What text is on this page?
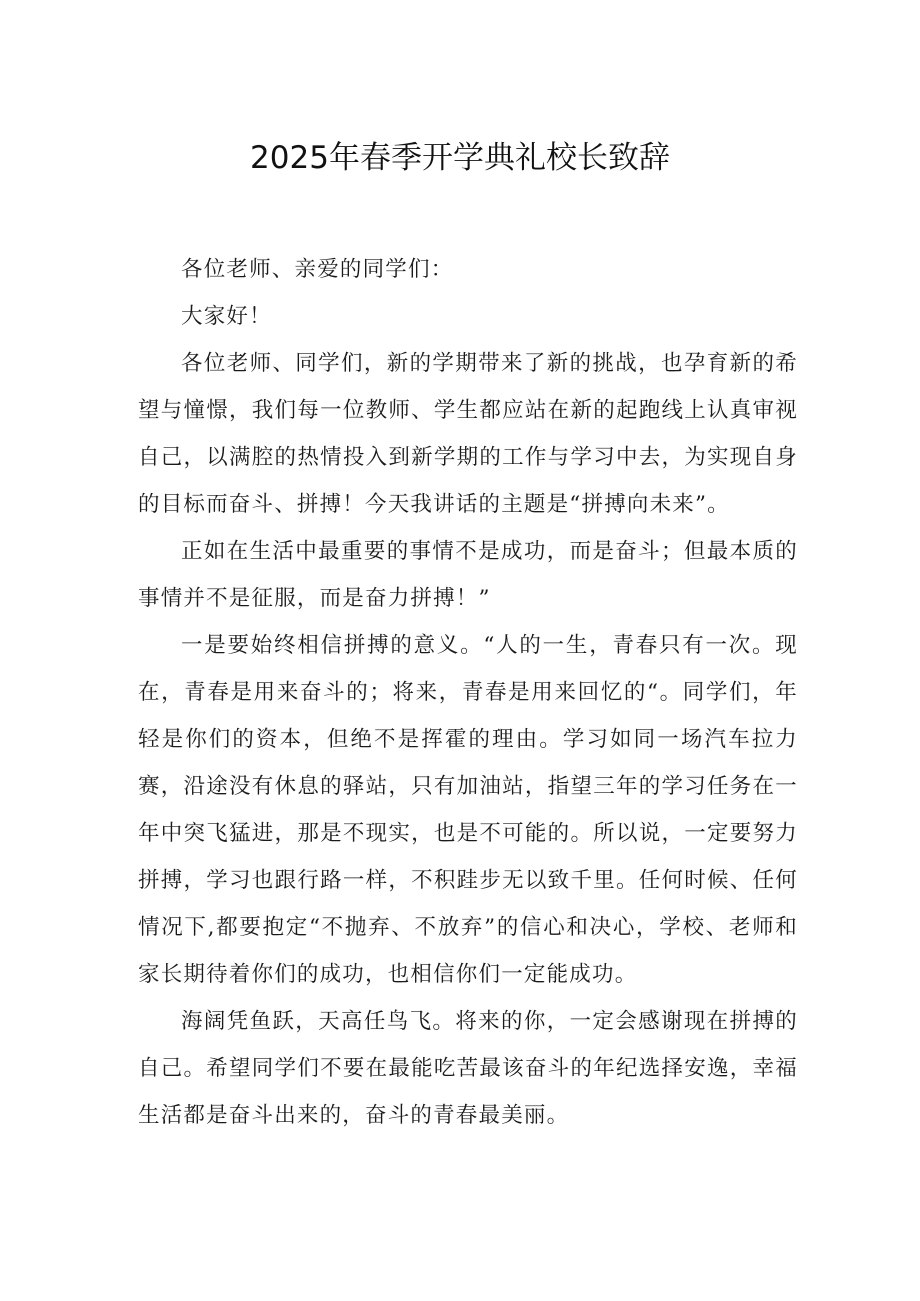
2025年春季开学典礼校长致辞

各位老师、亲爱的同学们：

大家好！

各位老师、同学们，新的学期带来了新的挑战，也孕育新的希望与憧憬，我们每一位教师、学生都应站在新的起跑线上认真审视自己，以满腔的热情投入到新学期的工作与学习中去，为实现自身的目标而奋斗、拼搏！今天我讲话的主题是“拼搏向未来”。

正如在生活中最重要的事情不是成功，而是奋斗；但最本质的事情并不是征服，而是奋力拼搏！”

一是要始终相信拼搏的意义。“人的一生，青春只有一次。现在，青春是用来奋斗的；将来，青春是用来回忆的“。同学们，年轻是你们的资本，但绝不是挥霍的理由。学习如同一场汽车拉力赛，沿途没有休息的驿站，只有加油站，指望三年的学习任务在一年中突飞猛进，那是不现实，也是不可能的。所以说，一定要努力拼搏，学习也跟行路一样，不积跬步无以致千里。任何时候、任何情况下,都要抱定“不抛弃、不放弃”的信心和决心，学校、老师和家长期待着你们的成功，也相信你们一定能成功。

海阔凭鱼跃，天高任鸟飞。将来的你，一定会感谢现在拼搏的自己。希望同学们不要在最能吃苦最该奋斗的年纪选择安逸，幸福生活都是奋斗出来的，奋斗的青春最美丽。
